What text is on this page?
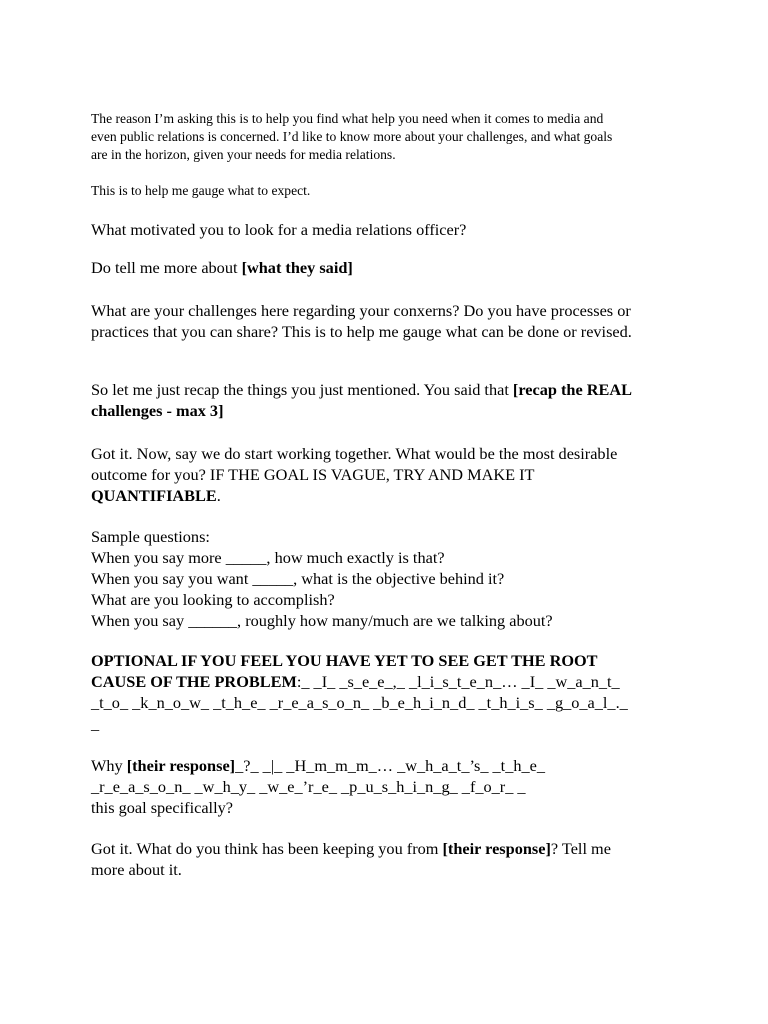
The reason I’m asking this is to help you find what help you need when it comes to media and
even public relations is concerned. I’d like to know more about your challenges, and what goals
are in the horizon, given your needs for media relations.

This is to help me gauge what to expect.

What motivated you to look for a media relations officer?

Do tell me more about [what they said]

What are your challenges here regarding your conxerns? Do you have processes or
practices that you can share? This is to help me gauge what can be done or revised.

So let me just recap the things you just mentioned. You said that [recap the REAL
challenges - max 3]

Got it. Now, say we do start working together. What would be the most desirable
outcome for you? IF THE GOAL IS VAGUE, TRY AND MAKE IT
QUANTIFIABLE.

Sample questions:
When you say more _____, how much exactly is that?
When you say you want _____, what is the objective behind it?
What are you looking to accomplish?
When you say ______, roughly how many/much are we talking about?

OPTIONAL IF YOU FEEL YOU HAVE YET TO SEE GET THE ROOT
CAUSE OF THE PROBLEM:_ _I_ _s_e_e_,_ _l_i_s_t_e_n_… _I_ _w_a_n_t_
_t_o_ _k_n_o_w_ _t_h_e_ _r_e_a_s_o_n_ _b_e_h_i_n_d_ _t_h_i_s_ _g_o_a_l_._
_

Why [their response]_?_ _|_ _H_m_m_m_… _w_h_a_t_’s_ _t_h_e_
_r_e_a_s_o_n_ _w_h_y_ _w_e_’r_e_ _p_u_s_h_i_n_g_ _f_o_r_ _
this goal specifically?

Got it. What do you think has been keeping you from [their response]? Tell me
more about it.
